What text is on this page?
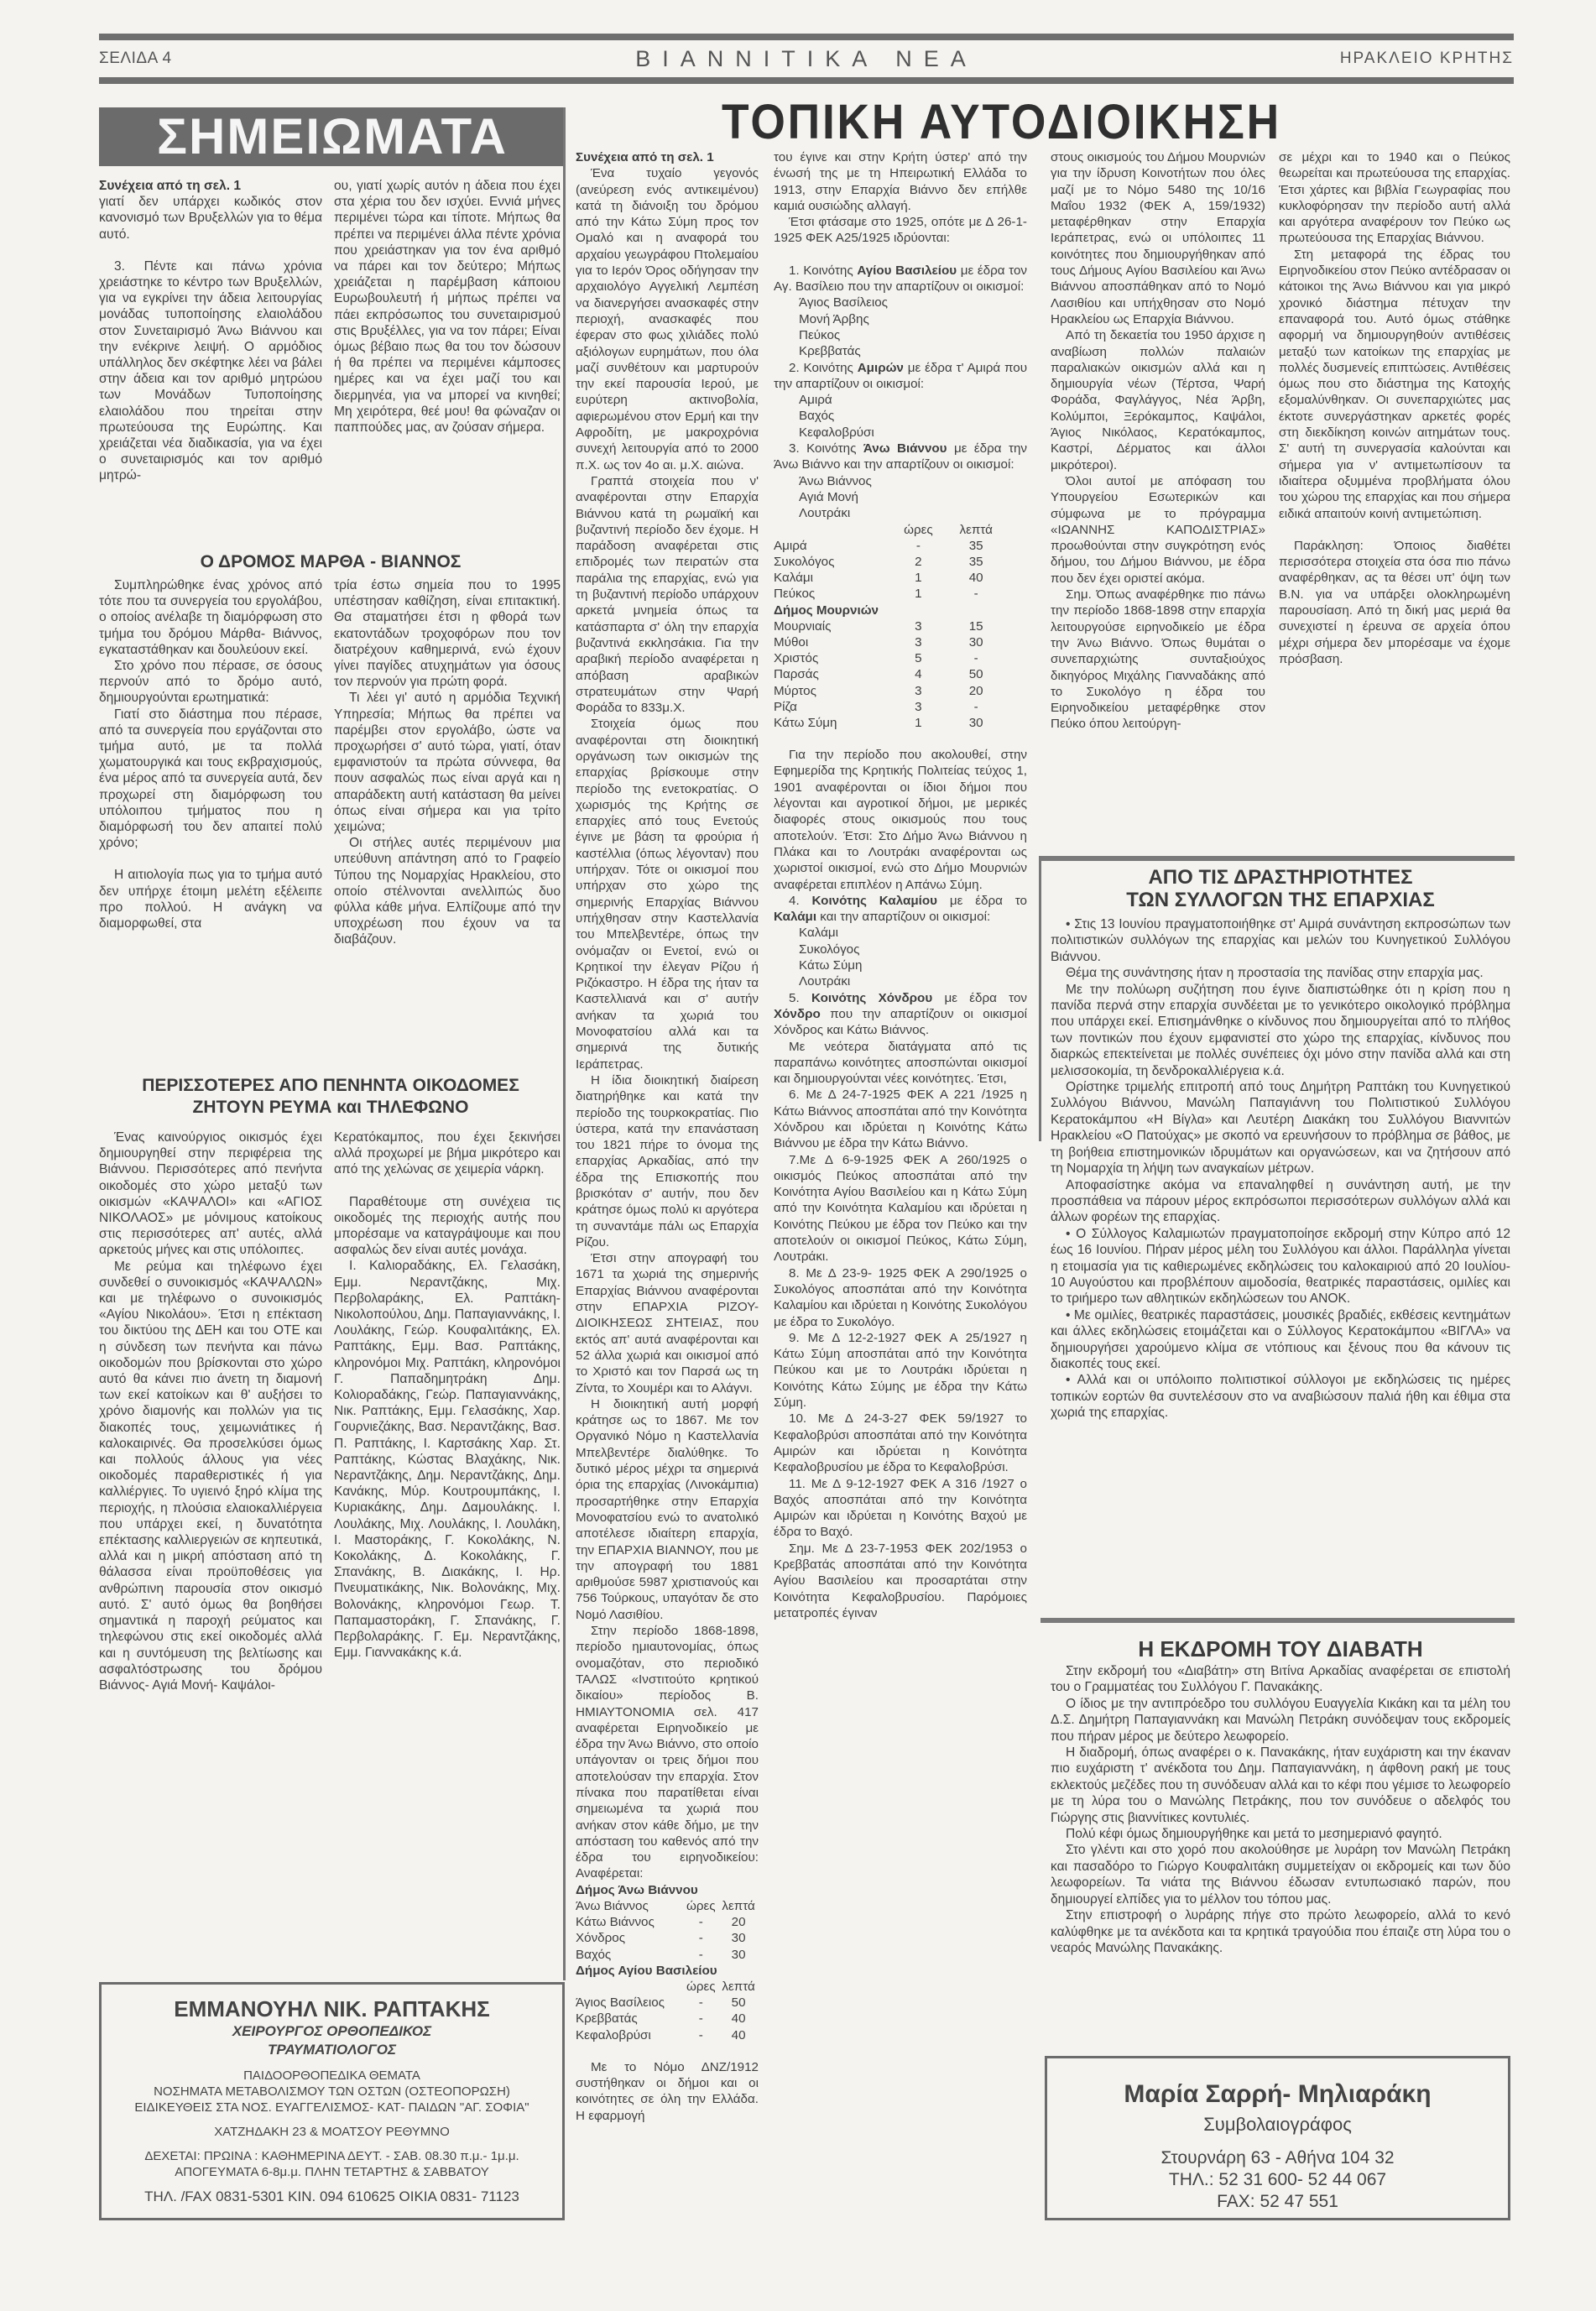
ΣΕΛΙΔΑ 4	ΒΙΑΝΝΙΤΙΚΑ ΝΕΑ	ΗΡΑΚΛΕΙΟ ΚΡΗΤΗΣ
ΣΗΜΕΙΩΜΑΤΑ	ΤΟΠΙΚΗ ΑΥΤΟΔΙΟΙΚΗΣΗ

Συνέχεια από τη σελ. 1

γιατί δεν υπάρχει κωδικός στον κανονισμό των Βρυξελλών για το θέμα αυτό.

3. Πέντε και πάνω χρόνια χρειάστηκε το κέντρο των Βρυξελλών, για να εγκρίνει την άδεια λειτουργίας μονάδας τυποποίησης ελαιολάδου στον Συνεταιρισμό Άνω Βιάννου και την ενέκρινε λειψή. Ο αρμόδιος υπάλληλος δεν σκέφτηκε λέει να βάλει στην άδεια και τον αριθμό μητρώου των Μονάδων Τυποποίησης ελαιολάδου που τηρείται στην πρωτεύουσα της Ευρώπης. Και χρειάζεται νέα διαδικασία, για να έχει ο συνεταιρισμός και τον αριθμό μητρώ-

ου, γιατί χωρίς αυτόν η άδεια που έχει στα χέρια του δεν ισχύει. Εννιά μήνες περιμένει τώρα και τίποτε. Μήπως θα πρέπει να περιμένει άλλα πέντε χρόνια που χρειάστηκαν για τον ένα αριθμό να πάρει και τον δεύτερο; Μήπως χρειάζεται η παρέμβαση κάποιου Ευρωβουλευτή ή μήπως πρέπει να πάει εκπρόσωπος του συνεταιρισμού στις Βρυξέλλες, για να τον πάρει; Είναι όμως βέβαιο πως θα του τον δώσουν ή θα πρέπει να περιμένει κάμποσες ημέρες και να έχει μαζί του και διερμηνέα, για να μπορεί να κινηθεί; Μη χειρότερα, θεέ μου! θα φώναζαν οι παππούδες μας, αν ζούσαν σήμερα.

Ο ΔΡΟΜΟΣ ΜΑΡΘΑ - ΒΙΑΝΝΟΣ

Συμπληρώθηκε ένας χρόνος από τότε που τα συνεργεία του εργολάβου, ο οποίος ανέλαβε τη διαμόρφωση στο τμήμα του δρόμου Μάρθα- Βιάννος, εγκαταστάθηκαν και δουλεύουν εκεί.

Στο χρόνο που πέρασε, σε όσους περνούν από το δρόμο αυτό, δημιουργούνται ερωτηματικά:

Γιατί στο διάστημα που πέρασε, από τα συνεργεία που εργάζονται στο τμήμα αυτό, με τα πολλά χωματουργικά και τους εκβραχισμούς, ένα μέρος από τα συνεργεία αυτά, δεν προχωρεί στη διαμόρφωση του υπόλοιπου τμήματος που η διαμόρφωσή του δεν απαιτεί πολύ χρόνο;

Η αιτιολογία πως για το τμήμα αυτό δεν υπήρχε έτοιμη μελέτη εξέλειπε προ πολλού. Η ανάγκη να διαμορφωθεί, στα

τρία έστω σημεία που το 1995 υπέστησαν καθίζηση, είναι επιτακτική. Θα σταματήσει έτσι η φθορά των εκατοντάδων τροχοφόρων που τον διατρέχουν καθημερινά, ενώ έχουν γίνει παγίδες ατυχημάτων για όσους τον περνούν για πρώτη φορά.

Τι λέει γι' αυτό η αρμόδια Τεχνική Υπηρεσία; Μήπως θα πρέπει να παρέμβει στον εργολάβο, ώστε να προχωρήσει σ' αυτό τώρα, γιατί, όταν εμφανιστούν τα πρώτα σύννεφα, θα πουν ασφαλώς πως είναι αργά και η απαράδεκτη αυτή κατάσταση θα μείνει όπως είναι σήμερα και για τρίτο χειμώνα;

Οι στήλες αυτές περιμένουν μια υπεύθυνη απάντηση από το Γραφείο Τύπου της Νομαρχίας Ηρακλείου, στο οποίο στέλνονται ανελλιπώς δυο φύλλα κάθε μήνα. Ελπίζουμε από την υποχρέωση που έχουν να τα διαβάζουν.

ΠΕΡΙΣΣΟΤΕΡΕΣ ΑΠΟ ΠΕΝΗΝΤΑ ΟΙΚΟΔΟΜΕΣ
ΖΗΤΟΥΝ ΡΕΥΜΑ και ΤΗΛΕΦΩΝΟ

Ένας καινούργιος οικισμός έχει δημιουργηθεί στην περιφέρεια της Βιάννου. Περισσότερες από πενήντα οικοδομές στο χώρο μεταξύ των οικισμών «ΚΑΨΑΛΟΙ» και «ΑΓΙΟΣ ΝΙΚΟΛΑΟΣ» με μόνιμους κατοίκους στις περισσότερες απ' αυτές, αλλά αρκετούς μήνες και στις υπόλοιπες.

Με ρεύμα και τηλέφωνο έχει συνδεθεί ο συνοικισμός «ΚΑΨΑΛΩΝ» και με τηλέφωνο ο συνοικισμός «Αγίου Νικολάου». Έτσι η επέκταση του δικτύου της ΔΕΗ και του ΟΤΕ και η σύνδεση των πενήντα και πάνω οικοδομών που βρίσκονται στο χώρο αυτό θα κάνει πιο άνετη τη διαμονή των εκεί κατοίκων και θ' αυξήσει το χρόνο διαμονής και πολλών για τις διακοπές τους, χειμωνιάτικες ή καλοκαιρινές. Θα προσελκύσει όμως και πολλούς άλλους για νέες οικοδομές παραθεριστικές ή για καλλιέργιες. Το υγιεινό ξηρό κλίμα της περιοχής, η πλούσια ελαιοκαλλιέργεια που υπάρχει εκεί, η δυνατότητα επέκτασης καλλιεργειών σε κηπευτικά, αλλά και η μικρή απόσταση από τη θάλασσα είναι προϋποθέσεις για ανθρώπινη παρουσία στον οικισμό αυτό. Σ' αυτό όμως θα βοηθήσει σημαντικά η παροχή ρεύματος και τηλεφώνου στις εκεί οικοδομές αλλά και η συντόμευση της βελτίωσης και ασφαλτόστρωσης του δρόμου Βιάννος- Αγιά Μονή- Καψάλοι-

Κερατόκαμπος, που έχει ξεκινήσει αλλά προχωρεί με βήμα μικρότερο και από της χελώνας σε χειμερία νάρκη.

Παραθέτουμε στη συνέχεια τις οικοδομές της περιοχής αυτής που μπορέσαμε να καταγράψουμε και που ασφαλώς δεν είναι αυτές μονάχα.

Ι. Καλιοραδάκης, Ελ. Γελασάκη, Εμμ. Νεραντζάκης, Μιχ. Περβολαράκης, Ελ. Ραπτάκη- Νικολοπούλου, Δημ. Παπαγιαννάκης, Ι. Λουλάκης, Γεώρ. Κουφαλιτάκης, Ελ. Ραπτάκης, Εμμ. Βασ. Ραπτάκης, κληρονόμοι Μιχ. Ραπτάκη, κληρονόμοι Γ. Παπαδημητράκη Δημ. Κολιοραδάκης, Γεώρ. Παπαγιαννάκης, Νικ. Ραπτάκης, Εμμ. Γελασάκης, Χαρ. Γουρνιεζάκης, Βασ. Νεραντζάκης, Βασ. Π. Ραπτάκης, Ι. Καρτσάκης Χαρ. Στ. Ραπτάκης, Κώστας Βλαχάκης, Νικ. Νεραντζάκης, Δημ. Νεραντζάκης, Δημ. Κανάκης, Μύρ. Κουτρουμπάκης, Ι. Κυριακάκης, Δημ. Δαμουλάκης. Ι. Λουλάκης, Μιχ. Λουλάκης, Ι. Λουλάκη, Ι. Μαστοράκης, Γ. Κοκολάκης, Ν. Κοκολάκης, Δ. Κοκολάκης, Γ. Σπανάκης, Β. Διακάκης, Ι. Ηρ. Πνευματικάκης, Νικ. Βολονάκης, Μιχ. Βολονάκης, κληρονόμοι Γεωρ. Τ. Παπαμαστοράκη, Γ. Σπανάκης, Γ. Περβολαράκης. Γ. Εμ. Νεραντζάκης, Εμμ. Γιαννακάκης κ.ά.

ΕΜΜΑΝΟΥΗΛ ΝΙΚ. ΡΑΠΤΑΚΗΣ
ΧΕΙΡΟΥΡΓΟΣ ΟΡΘΟΠΕΔΙΚΟΣ
ΤΡΑΥΜΑΤΙΟΛΟΓΟΣ
ΠΑΙΔΟΟΡΘΟΠΕΔΙΚΑ ΘΕΜΑΤΑ
ΝΟΣΗΜΑΤΑ ΜΕΤΑΒΟΛΙΣΜΟΥ ΤΩΝ ΟΣΤΩΝ (ΟΣΤΕΟΠΟΡΩΣΗ)
ΕΙΔΙΚΕΥΘΕΙΣ ΣΤΑ ΝΟΣ. ΕΥΑΓΓΕΛΙΣΜΟΣ- ΚΑΤ- ΠΑΙΔΩΝ "ΑΓ. ΣΟΦΙΑ"
ΧΑΤΖΗΔΑΚΗ 23 & ΜΟΑΤΣΟΥ ΡΕΘΥΜΝΟ
ΔΕΧΕΤΑΙ: ΠΡΩΙΝΑ : ΚΑΘΗΜΕΡΙΝΑ ΔΕΥΤ. - ΣΑΒ. 08.30 π.μ.- 1μ.μ.
ΑΠΟΓΕΥΜΑΤΑ 6-8μ.μ. ΠΛΗΝ ΤΕΤΑΡΤΗΣ & ΣΑΒΒΑΤΟΥ
ΤΗΛ. /FAX 0831-5301 ΚΙΝ. 094 610625 ΟΙΚΙΑ 0831- 71123

Συνέχεια από τη σελ. 1

Ένα τυχαίο γεγονός (ανεύρεση ενός αντικειμένου) κατά τη διάνοιξη του δρόμου από την Κάτω Σύμη προς τον Ομαλό και η αναφορά του αρχαίου γεωγράφου Πτολεμαίου για το Ιερόν Όρος οδήγησαν την αρχαιολόγο Αγγελική Λεμπέση να διανεργήσει ανασκαφές στην περιοχή, ανασκαφές που έφεραν στο φως χιλιάδες πολύ αξιόλογων ευρημάτων, που όλα μαζί συνθέτουν και μαρτυρούν την εκεί παρουσία Ιερού, με ευρύτερη ακτινοβολία, αφιερωμένου στον Ερμή και την Αφροδίτη, με μακροχρόνια συνεχή λειτουργία από το 2000 π.Χ. ως τον 4ο αι. μ.Χ. αιώνα.

Γραπτά στοιχεία που ν' αναφέρονται στην Επαρχία Βιάννου κατά τη ρωμαϊκή και βυζαντινή περίοδο δεν έχομε. Η παράδοση αναφέρεται στις επιδρομές των πειρατών στα παράλια της επαρχίας, ενώ για τη βυζαντινή περίοδο υπάρχουν αρκετά μνημεία όπως τα κατάσπαρτα σ' όλη την επαρχία βυζαντινά εκκλησάκια. Για την αραβική περίοδο αναφέρεται η απόβαση αραβικών στρατευμάτων στην Ψαρή Φοράδα το 833μ.Χ.

Στοιχεία όμως που αναφέρονται στη διοικητική οργάνωση των οικισμών της επαρχίας βρίσκουμε στην περίοδο της ενετοκρατίας. Ο χωρισμός της Κρήτης σε επαρχίες από τους Ενετούς έγινε με βάση τα φρούρια ή καστέλλια (όπως λέγονταν) που υπήρχαν. Τότε οι οικισμοί που υπήρχαν στο χώρο της σημερινής Επαρχίας Βιάννου υπήχθησαν στην Καστελλανία του Μπελβεντέρε, όπως την ονόμαζαν οι Ενετοί, ενώ οι Κρητικοί την έλεγαν Ρίζου ή Ριζόκαστρο. Η έδρα της ήταν τα Καστελλιανά και σ' αυτήν ανήκαν τα χωριά του Μονοφατσίου αλλά και τα σημερινά της δυτικής Ιεράπετρας.

Η ίδια διοικητική διαίρεση διατηρήθηκε και κατά την περίοδο της τουρκοκρατίας. Πιο ύστερα, κατά την επανάσταση του 1821 πήρε το όνομα της επαρχίας Αρκαδίας, από την έδρα της Επισκοπής που βρισκόταν σ' αυτήν, που δεν κράτησε όμως πολύ κι αργότερα τη συναντάμε πάλι ως Επαρχία Ρίζου.

Έτσι στην απογραφή του 1671 τα χωριά της σημερινής Επαρχίας Βιάννου αναφέρονται στην ΕΠΑΡΧΙΑ ΡΙΖΟΥ- ΔΙΟΙΚΗΣΕΩΣ ΣΗΤΕΙΑΣ, που εκτός απ' αυτά αναφέρονται και 52 άλλα χωριά και οικισμοί από το Χριστό και τον Παρσά ως τη Ζίντα, το Χουμέρι και το Αλάγνι.

Η διοικητική αυτή μορφή κράτησε ως το 1867. Με τον Οργανικό Νόμο η Καστελλανία Μπελβεντέρε διαλύθηκε. Το δυτικό μέρος μέχρι τα σημερινά όρια της επαρχίας (Λινοκάμπια) προσαρτήθηκε στην Επαρχία Μονοφατσίου ενώ το ανατολικό αποτέλεσε ιδιαίτερη επαρχία, την ΕΠΑΡΧΙΑ ΒΙΑΝΝΟΥ, που με την απογραφή του 1881 αριθμούσε 5987 χριστιανούς και 756 Τούρκους, υπαγόταν δε στο Νομό Λασιθίου.

Στην περίοδο 1868-1898, περίοδο ημιαυτονομίας, όπως ονομαζόταν, στο περιοδικό ΤΑΛΩΣ «Ινστιτούτο κρητικού δικαίου» περίοδος Β. ΗΜΙΑΥΤΟΝΟΜΙΑ σελ. 417 αναφέρεται Ειρηνοδικείο με έδρα την Άνω Βιάννο, στο οποίο υπάγονταν οι τρεις δήμοι που αποτελούσαν την επαρχία. Στον πίνακα που παρατίθεται είναι σημειωμένα τα χωριά που ανήκαν στον κάθε δήμο, με την απόσταση του καθενός από την έδρα του ειρηνοδικείου: Αναφέρεται:

Δήμος Άνω Βιάννου		
Άνω Βιάννος	ώρες	λεπτά
Κάτω Βιάννος	-	20
Χόνδρος	-	30
Βαχός	-	30
Δήμος Αγίου Βασιλείου		
	ώρες	λεπτά
Άγιος Βασίλειος	-	50
Κρεββατάς	-	40
Κεφαλοβρύσι	-	40

Με το Νόμο ΔΝΖ/1912 συστήθηκαν οι δήμοι και οι κοινότητες σε όλη την Ελλάδα. Η εφαρμογή

του έγινε και στην Κρήτη ύστερ' από την ένωσή της με τη Ηπειρωτική Ελλάδα το 1913, στην Επαρχία Βιάννο δεν επήλθε καμιά ουσιώδης αλλαγή.

Έτσι φτάσαμε στο 1925, οπότε με Δ 26-1-1925 ΦΕΚ Α25/1925 ιδρύονται:

1. Κοινότης Αγίου Βασιλείου με έδρα τον Αγ. Βασίλειο που την απαρτίζουν οι οικισμοί:

Άγιος Βασίλειος
Μονή Άρβης
Πεύκος
Κρεββατάς

2. Κοινότης Αμιρών με έδρα τ' Αμιρά που την απαρτίζουν οι οικισμοί:

Αμιρά
Βαχός
Κεφαλοβρύσι

3. Κοινότης Άνω Βιάννου με έδρα την Άνω Βιάννο και την απαρτίζουν οι οικισμοί:

Άνω Βιάννος
Αγιά Μονή
Λουτράκι
	ώρες	λεπτά
Αμιρά	-	35
Συκολόγος	2	35
Καλάμι	1	40
Πεύκος	1	-
Δήμος Μουρνιών		
Μουρνιαίς	3	15
Μύθοι	3	30
Χριστός	5	-
Παρσάς	4	50
Μύρτος	3	20
Ρίζα	3	-
Κάτω Σύμη	1	30

Για την περίοδο που ακολουθεί, στην Εφημερίδα της Κρητικής Πολιτείας τεύχος 1, 1901 αναφέρονται οι ίδιοι δήμοι που λέγονται και αγροτικοί δήμοι, με μερικές διαφορές στους οικισμούς που τους αποτελούν. Έτσι: Στο Δήμο Άνω Βιάννου η Πλάκα και το Λουτράκι αναφέρονται ως χωριστοί οικισμοί, ενώ στο Δήμο Μουρνιών αναφέρεται επιπλέον η Απάνω Σύμη.

4. Κοινότης Καλαμίου με έδρα το Καλάμι και την απαρτίζουν οι οικισμοί:

Καλάμι
Συκολόγος
Κάτω Σύμη
Λουτράκι

5. Κοινότης Χόνδρου με έδρα τον Χόνδρο που την απαρτίζουν οι οικισμοί Χόνδρος και Κάτω Βιάννος.

Με νεότερα διατάγματα από τις παραπάνω κοινότητες αποσπώνται οικισμοί και δημιουργούνται νέες κοινότητες. Έτσι,

6. Με Δ 24-7-1925 ΦΕΚ Α 221 /1925 η Κάτω Βιάννος αποσπάται από την Κοινότητα Χόνδρου και ιδρύεται η Κοινότης Κάτω Βιάννου με έδρα την Κάτω Βιάννο.

7.Με Δ 6-9-1925 ΦΕΚ Α 260/1925 ο οικισμός Πεύκος αποσπάται από την Κοινότητα Αγίου Βασιλείου και η Κάτω Σύμη από την Κοινότητα Καλαμίου και ιδρύεται η Κοινότης Πεύκου με έδρα τον Πεύκο και την αποτελούν οι οικισμοί Πεύκος, Κάτω Σύμη, Λουτράκι.

8. Με Δ 23-9- 1925 ΦΕΚ Α 290/1925 ο Συκολόγος αποσπάται από την Κοινότητα Καλαμίου και ιδρύεται η Κοινότης Συκολόγου με έδρα το Συκολόγο.

9. Με Δ 12-2-1927 ΦΕΚ Α 25/1927 η Κάτω Σύμη αποσπάται από την Κοινότητα Πεύκου και με το Λουτράκι ιδρύεται η Κοινότης Κάτω Σύμης με έδρα την Κάτω Σύμη.

10. Με Δ 24-3-27 ΦΕΚ 59/1927 το Κεφαλοβρύσι αποσπάται από την Κοινότητα Αμιρών και ιδρύεται η Κοινότητα Κεφαλοβρυσίου με έδρα το Κεφαλοβρύσι.

11. Με Δ 9-12-1927 ΦΕΚ Α 316 /1927 ο Βαχός αποσπάται από την Κοινότητα Αμιρών και ιδρύεται η Κοινότης Βαχού με έδρα το Βαχό.

Σημ. Με Δ 23-7-1953 ΦΕΚ 202/1953 ο Κρεββατάς αποσπάται από την Κοινότητα Αγίου Βασιλείου και προσαρτάται στην Κοινότητα Κεφαλοβρυσίου. Παρόμοιες μετατροπές έγιναν

στους οικισμούς του Δήμου Μουρνιών για την ίδρυση Κοινοτήτων που όλες μαζί με το Νόμο 5480 της 10/16 Μαΐου 1932 (ΦΕΚ Α, 159/1932) μεταφέρθηκαν στην Επαρχία Ιεράπετρας, ενώ οι υπόλοιπες 11 κοινότητες που δημιουργήθηκαν από τους Δήμους Αγίου Βασιλείου και Άνω Βιάννου αποσπάθηκαν από το Νομό Λασιθίου και υπήχθησαν στο Νομό Ηρακλείου ως Επαρχία Βιάννου.

Από τη δεκαετία του 1950 άρχισε η αναβίωση πολλών παλαιών παραλιακών οικισμών αλλά και η δημιουργία νέων (Τέρτσα, Ψαρή Φοράδα, Φαγλάγγος, Νέα Άρβη, Κολύμποι, Ξερόκαμπος, Καψάλοι, Άγιος Νικόλαος, Κερατόκαμπος, Καστρί, Δέρματος και άλλοι μικρότεροι).

Όλοι αυτοί με απόφαση του Υπουργείου Εσωτερικών και σύμφωνα με το πρόγραμμα «ΙΩΑΝΝΗΣ ΚΑΠΟΔΙΣΤΡΙΑΣ» προωθούνται στην συγκρότηση ενός δήμου, του Δήμου Βιάννου, με έδρα που δεν έχει οριστεί ακόμα.

Σημ. Όπως αναφέρθηκε πιο πάνω την περίοδο 1868-1898 στην επαρχία λειτουργούσε ειρηνοδικείο με έδρα την Άνω Βιάννο. Όπως θυμάται ο συνεπαρχιώτης συνταξιούχος δικηγόρος Μιχάλης Γιανναδάκης από το Συκολόγο η έδρα του Ειρηνοδικείου μεταφέρθηκε στον Πεύκο όπου λειτούργη-

σε μέχρι και το 1940 και ο Πεύκος θεωρείται και πρωτεύουσα της επαρχίας. Έτσι χάρτες και βιβλία Γεωγραφίας που κυκλοφόρησαν την περίοδο αυτή αλλά και αργότερα αναφέρουν τον Πεύκο ως πρωτεύουσα της Επαρχίας Βιάννου.

Στη μεταφορά της έδρας του Ειρηνοδικείου στον Πεύκο αντέδρασαν οι κάτοικοι της Άνω Βιάννου και για μικρό χρονικό διάστημα πέτυχαν την επαναφορά του. Αυτό όμως στάθηκε αφορμή να δημιουργηθούν αντιθέσεις μεταξύ των κατοίκων της επαρχίας με πολλές δυσμενείς επιπτώσεις. Αντιθέσεις όμως που στο διάστημα της Κατοχής εξομαλύνθηκαν. Οι συνεπαρχιώτες μας έκτοτε συνεργάστηκαν αρκετές φορές στη διεκδίκηση κοινών αιτημάτων τους. Σ' αυτή τη συνεργασία καλούνται και σήμερα για ν' αντιμετωπίσουν τα ιδιαίτερα οξυμμένα προβλήματα όλου του χώρου της επαρχίας και που σήμερα ειδικά απαιτούν κοινή αντιμετώπιση.

Παράκληση: Όποιος διαθέτει περισσότερα στοιχεία στα όσα πιο πάνω αναφέρθηκαν, ας τα θέσει υπ' όψη των Β.Ν. για να υπάρξει ολοκληρωμένη παρουσίαση. Από τη δική μας μεριά θα συνεχιστεί η έρευνα σε αρχεία όπου μέχρι σήμερα δεν μπορέσαμε να έχομε πρόσβαση.

ΑΠΟ ΤΙΣ ΔΡΑΣΤΗΡΙΟΤΗΤΕΣ
ΤΩΝ ΣΥΛΛΟΓΩΝ ΤΗΣ ΕΠΑΡΧΙΑΣ

• Στις 13 Ιουνίου πραγματοποιήθηκε στ' Αμιρά συνάντηση εκπροσώπων των πολιτιστικών συλλόγων της επαρχίας και μελών του Κυνηγετικού Συλλόγου Βιάννου.

Θέμα της συνάντησης ήταν η προστασία της πανίδας στην επαρχία μας.

Με την πολύωρη συζήτηση που έγινε διαπιστώθηκε ότι η κρίση που η πανίδα περνά στην επαρχία συνδέεται με το γενικότερο οικολογικό πρόβλημα που υπάρχει εκεί. Επισημάνθηκε ο κίνδυνος που δημιουργείται από το πλήθος των ποντικών που έχουν εμφανιστεί στο χώρο της επαρχίας, κίνδυνος που διαρκώς επεκτείνεται με πολλές συνέπειες όχι μόνο στην πανίδα αλλά και στη μελισσοκομία, τη δενδροκαλλιέργεια κ.ά.

Ορίστηκε τριμελής επιτροπή από τους Δημήτρη Ραπτάκη του Κυνηγετικού Συλλόγου Βιάννου, Μανώλη Παπαγιάννη του Πολιτιστικού Συλλόγου Κερατοκάμπου «Η Βίγλα» και Λευτέρη Διακάκη του Συλλόγου Βιαννιτών Ηρακλείου «Ο Πατούχας» με σκοπό να ερευνήσουν το πρόβλημα σε βάθος, με τη βοήθεια επιστημονικών ιδρυμάτων και οργανώσεων, και να ζητήσουν από τη Νομαρχία τη λήψη των αναγκαίων μέτρων.

Αποφασίστηκε ακόμα να επαναληφθεί η συνάντηση αυτή, με την προσπάθεια να πάρουν μέρος εκπρόσωποι περισσότερων συλλόγων αλλά και άλλων φορέων της επαρχίας.

• Ο Σύλλογος Καλαμιωτών πραγματοποίησε εκδρομή στην Κύπρο από 12 έως 16 Ιουνίου. Πήραν μέρος μέλη του Συλλόγου και άλλοι. Παράλληλα γίνεται η ετοιμασία για τις καθιερωμένες εκδηλώσεις του καλοκαιριού από 20 Ιουλίου- 10 Αυγούστου και προβλέπουν αιμοδοσία, θεατρικές παραστάσεις, ομιλίες και το τριήμερο των αθλητικών εκδηλώσεων του ΑΝΟΚ.

• Με ομιλίες, θεατρικές παραστάσεις, μουσικές βραδιές, εκθέσεις κεντημάτων και άλλες εκδηλώσεις ετοιμάζεται και ο Σύλλογος Κερατοκάμπου «ΒΙΓΛΑ» να δημιουργήσει χαρούμενο κλίμα σε ντόπιους και ξένους που θα κάνουν τις διακοπές τους εκεί.

• Αλλά και οι υπόλοιπο πολιτιστικοί σύλλογοι με εκδηλώσεις τις ημέρες τοπικών εορτών θα συντελέσουν στο να αναβιώσουν παλιά ήθη και έθιμα στα χωριά της επαρχίας.

Η ΕΚΔΡΟΜΗ ΤΟΥ ΔΙΑΒΑΤΗ

Στην εκδρομή του «Διαβάτη» στη Βιτίνα Αρκαδίας αναφέρεται σε επιστολή του ο Γραμματέας του Συλλόγου Γ. Πανακάκης.

Ο ίδιος με την αντιπρόεδρο του συλλόγου Ευαγγελία Κικάκη και τα μέλη του Δ.Σ. Δημήτρη Παπαγιαννάκη και Μανώλη Πετράκη συνόδεψαν τους εκδρομείς που πήραν μέρος με δεύτερο λεωφορείο.

Η διαδρομή, όπως αναφέρει ο κ. Πανακάκης, ήταν ευχάριστη και την έκαναν πιο ευχάριστη τ' ανέκδοτα του Δημ. Παπαγιαννάκη, η άφθονη ρακή με τους εκλεκτούς μεζέδες που τη συνόδευαν αλλά και το κέφι που γέμισε το λεωφορείο με τη λύρα του ο Μανώλης Πετράκης, που τον συνόδευε ο αδελφός του Γιώργης στις βιαννίτικες κοντυλιές.

Πολύ κέφι όμως δημιουργήθηκε και μετά το μεσημεριανό φαγητό.

Στο γλέντι και στο χορό που ακολούθησε με λυράρη τον Μανώλη Πετράκη και πασαδόρο το Γιώργο Κουφαλιτάκη συμμετείχαν οι εκδρομείς και των δύο λεωφορείων. Τα νιάτα της Βιάννου έδωσαν εντυπωσιακό παρών, που δημιουργεί ελπίδες για το μέλλον του τόπου μας.

Στην επιστροφή ο λυράρης πήγε στο πρώτο λεωφορείο, αλλά το κενό καλύφθηκε με τα ανέκδοτα και τα κρητικά τραγούδια που έπαιζε στη λύρα του ο νεαρός Μανώλης Πανακάκης.

Μαρία Σαρρή- Μηλιαράκη
Συμβολαιογράφος
Στουρνάρη 63 - Αθήνα 104 32
ΤΗΛ.: 52 31 600- 52 44 067
FAX: 52 47 551
